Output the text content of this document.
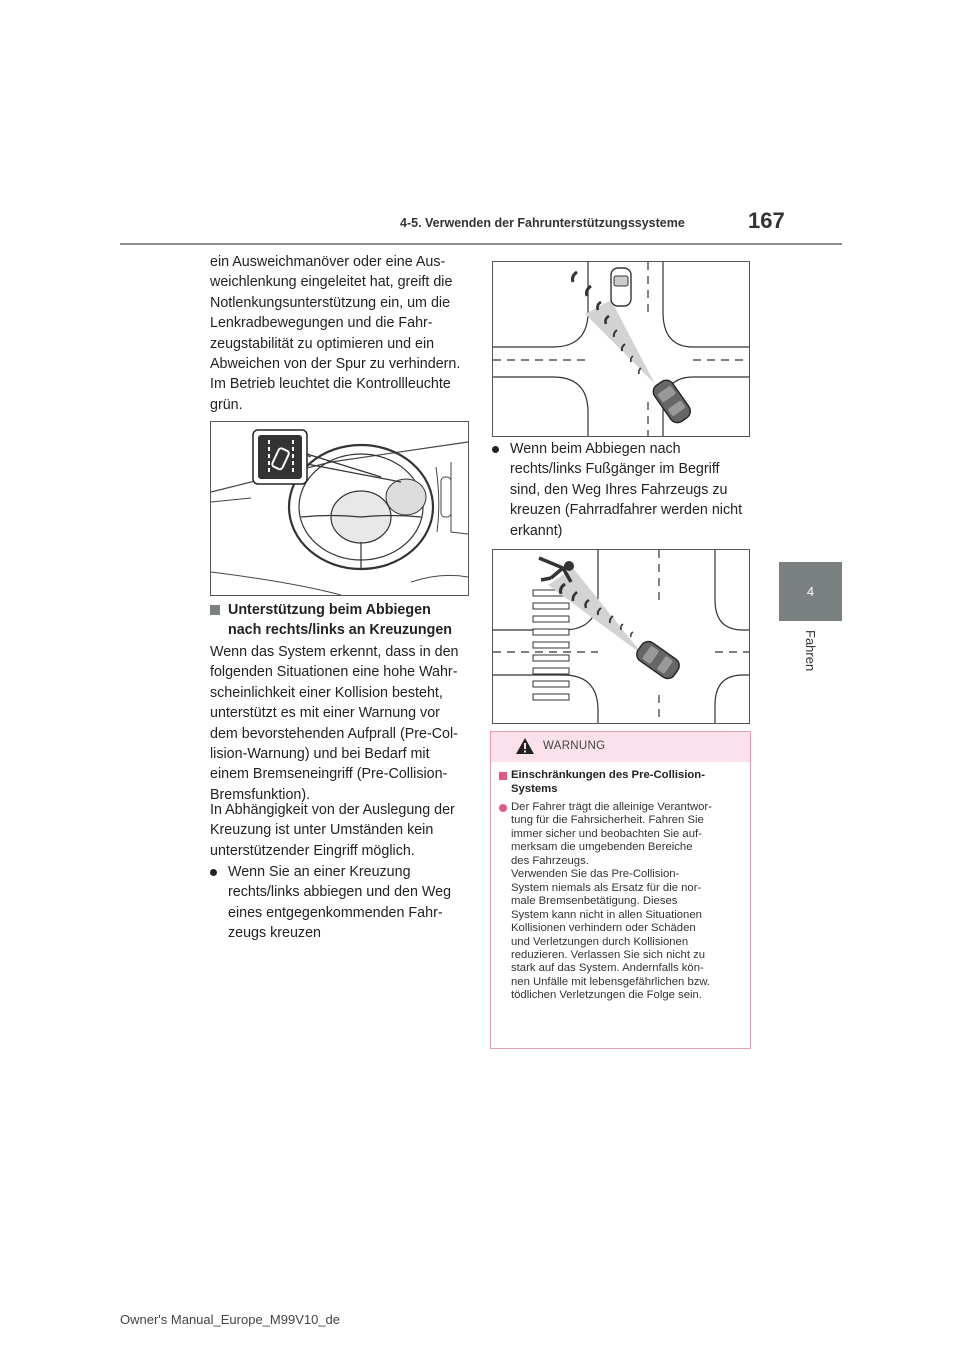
4-5. Verwenden der Fahrunterstützungssysteme	167
4
Fahren
ein Ausweichmanöver oder eine Aus-
weichlenkung eingeleitet hat, greift die
Notlenkungsunterstützung ein, um die
Lenkradbewegungen und die Fahr-
zeugstabilität zu optimieren und ein
Abweichen von der Spur zu verhindern.
Im Betrieb leuchtet die Kontrollleuchte
grün.
Unterstützung beim Abbiegen
nach rechts/links an Kreuzungen
Wenn das System erkennt, dass in den
folgenden Situationen eine hohe Wahr-
scheinlichkeit einer Kollision besteht,
unterstützt es mit einer Warnung vor
dem bevorstehenden Aufprall (Pre-Col-
lision-Warnung) und bei Bedarf mit
einem Bremseneingriff (Pre-Collision-
Bremsfunktion).
In Abhängigkeit von der Auslegung der
Kreuzung ist unter Umständen kein
unterstützender Eingriff möglich.
Wenn Sie an einer Kreuzung
rechts/links abbiegen und den Weg
eines entgegenkommenden Fahr-
zeugs kreuzen
Wenn beim Abbiegen nach
rechts/links Fußgänger im Begriff
sind, den Weg Ihres Fahrzeugs zu
kreuzen (Fahrradfahrer werden nicht
erkannt)
WARNUNG
Einschränkungen des Pre-Collision-
Systems
Der Fahrer trägt die alleinige Verantwor-
tung für die Fahrsicherheit. Fahren Sie
immer sicher und beobachten Sie auf-
merksam die umgebenden Bereiche
des Fahrzeugs.
Verwenden Sie das Pre-Collision-
System niemals als Ersatz für die nor-
male Bremsenbetätigung. Dieses
System kann nicht in allen Situationen
Kollisionen verhindern oder Schäden
und Verletzungen durch Kollisionen
reduzieren. Verlassen Sie sich nicht zu
stark auf das System. Andernfalls kön-
nen Unfälle mit lebensgefährlichen bzw.
tödlichen Verletzungen die Folge sein.
Owner's Manual_Europe_M99V10_de
